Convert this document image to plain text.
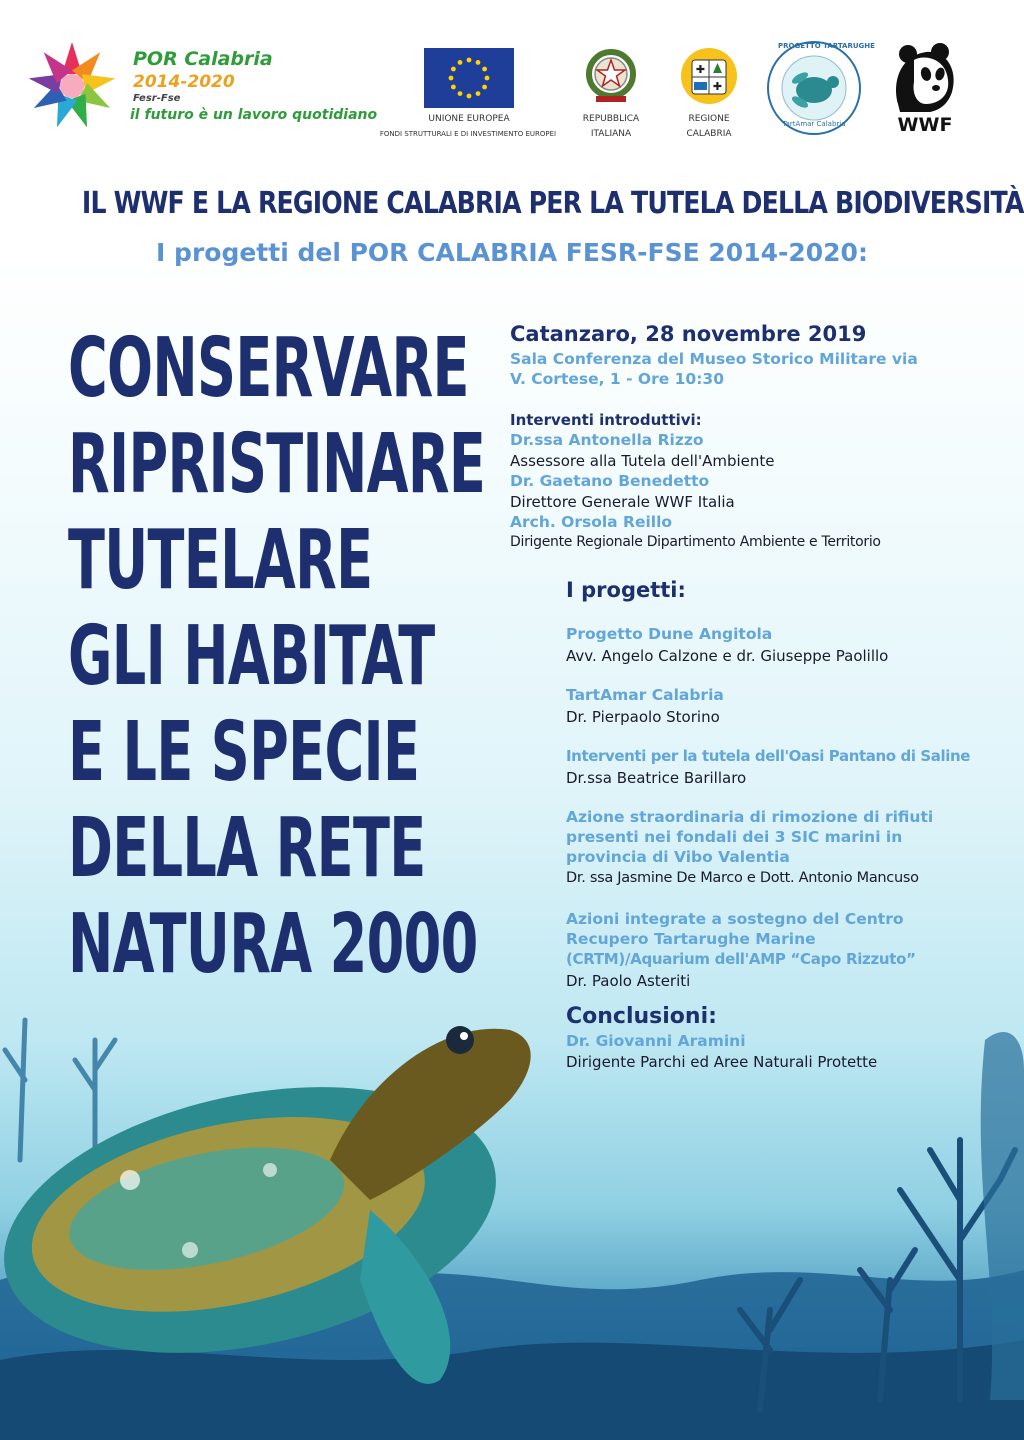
POR Calabria
2014-2020
Fesr-Fse
il futuro è un lavoro quotidiano	UNIONE EUROPEA
FONDI STRUTTURALI E DI INVESTIMENTO EUROPEI
REPUBBLICA
ITALIANA
✚
✚
REGIONE
CALABRIA
PROGETTO TARTARUGHE
TartAmar Calabria	WWF
IL WWF E LA REGIONE CALABRIA PER LA TUTELA DELLA BIODIVERSITÀ
I progetti del POR CALABRIA FESR-FSE 2014-2020:
CONSERVARE
RIPRISTINARE
TUTELARE
GLI HABITAT
E LE SPECIE
DELLA RETE
NATURA 2000
Catanzaro, 28 novembre 2019
Sala Conferenza del Museo Storico Militare via
V. Cortese, 1 - Ore 10:30
Interventi introduttivi:
Dr.ssa Antonella Rizzo
Assessore alla Tutela dell'Ambiente
Dr. Gaetano Benedetto
Direttore Generale WWF Italia
Arch. Orsola Reillo
Dirigente Regionale Dipartimento Ambiente e Territorio
I progetti:
Progetto Dune Angitola
Avv. Angelo Calzone e dr. Giuseppe Paolillo
TartAmar Calabria
Dr. Pierpaolo Storino
Interventi per la tutela dell'Oasi Pantano di Saline
Dr.ssa Beatrice Barillaro
Azione straordinaria di rimozione di rifiuti
presenti nei fondali dei 3 SIC marini in
provincia di Vibo Valentia
Dr. ssa Jasmine De Marco e Dott. Antonio Mancuso
Azioni integrate a sostegno del Centro
Recupero Tartarughe Marine
(CRTM)/Aquarium dell'AMP “Capo Rizzuto”
Dr. Paolo Asteriti
Conclusioni:
Dr. Giovanni Aramini
Dirigente Parchi ed Aree Naturali Protette
